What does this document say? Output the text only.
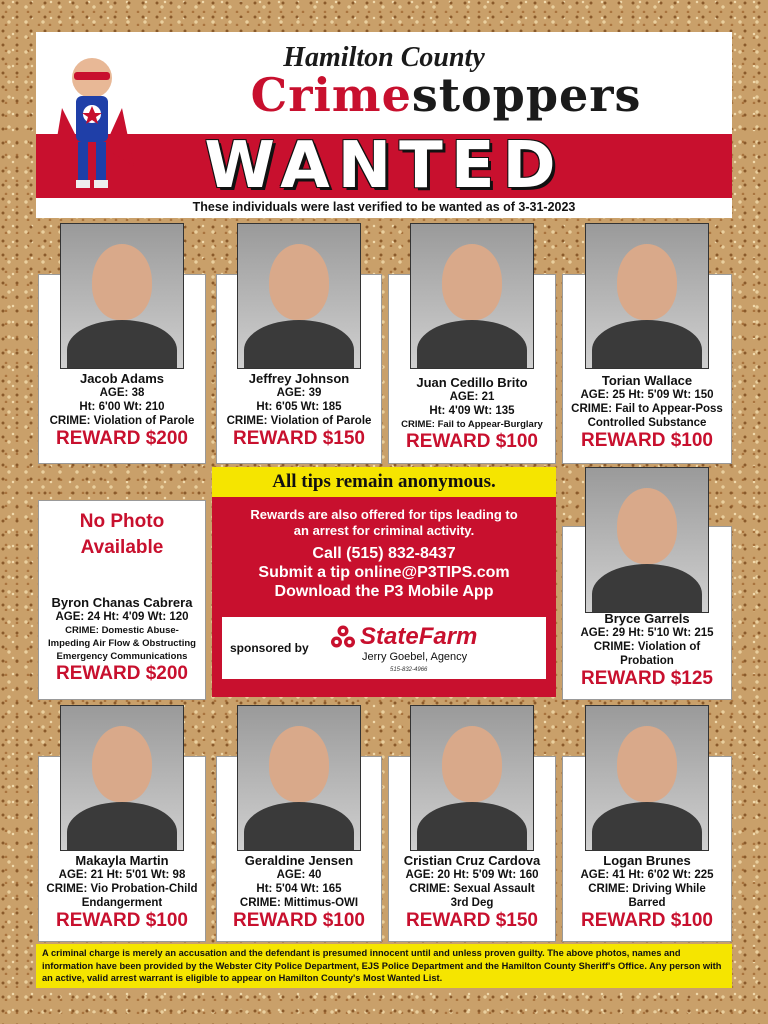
Hamilton County
Crimestoppers
WANTED
These individuals were last verified to be wanted as of 3-31-2023
Jacob Adams
AGE: 38
Ht: 6'00 Wt: 210
CRIME: Violation of Parole
REWARD $200
Jeffrey Johnson
AGE: 39
Ht: 6'05 Wt: 185
CRIME: Violation of Parole
REWARD $150
Juan Cedillo Brito
AGE: 21
Ht: 4'09 Wt: 135
CRIME: Fail to Appear-Burglary
REWARD $100
Torian Wallace
AGE: 25 Ht: 5'09 Wt: 150
CRIME: Fail to Appear-Poss
Controlled Substance
REWARD $100
No Photo Available
Byron Chanas Cabrera
AGE: 24 Ht: 4'09 Wt: 120
CRIME: Domestic Abuse-
Impeding Air Flow & Obstructing
Emergency Communications
REWARD $200
Bryce Garrels
AGE: 29 Ht: 5'10 Wt: 215
CRIME: Violation of
Probation
REWARD $125
All tips remain anonymous.
Rewards are also offered for tips leading to
an arrest for criminal activity.
Call (515) 832-8437
Submit a tip online@P3TIPS.com
Download the P3 Mobile App
sponsored by StateFarm
Jerry Goebel, Agency
515-832-4966
Makayla Martin
AGE: 21 Ht: 5'01 Wt: 98
CRIME: Vio Probation-Child
Endangerment
REWARD $100
Geraldine Jensen
AGE: 40
Ht: 5'04 Wt: 165
CRIME: Mittimus-OWI
REWARD $100
Cristian Cruz Cardova
AGE: 20 Ht: 5'09 Wt: 160
CRIME: Sexual Assault
3rd Deg
REWARD $150
Logan Brunes
AGE: 41 Ht: 6'02 Wt: 225
CRIME: Driving While
Barred
REWARD $100
A criminal charge is merely an accusation and the defendant is presumed innocent until and unless proven guilty. The above photos, names and information have been provided by the Webster City Police Department, EJS Police Department and the Hamilton County Sheriff's Office. Any person with an active, valid arrest warrant is eligible to appear on Hamilton County's Most Wanted List.
